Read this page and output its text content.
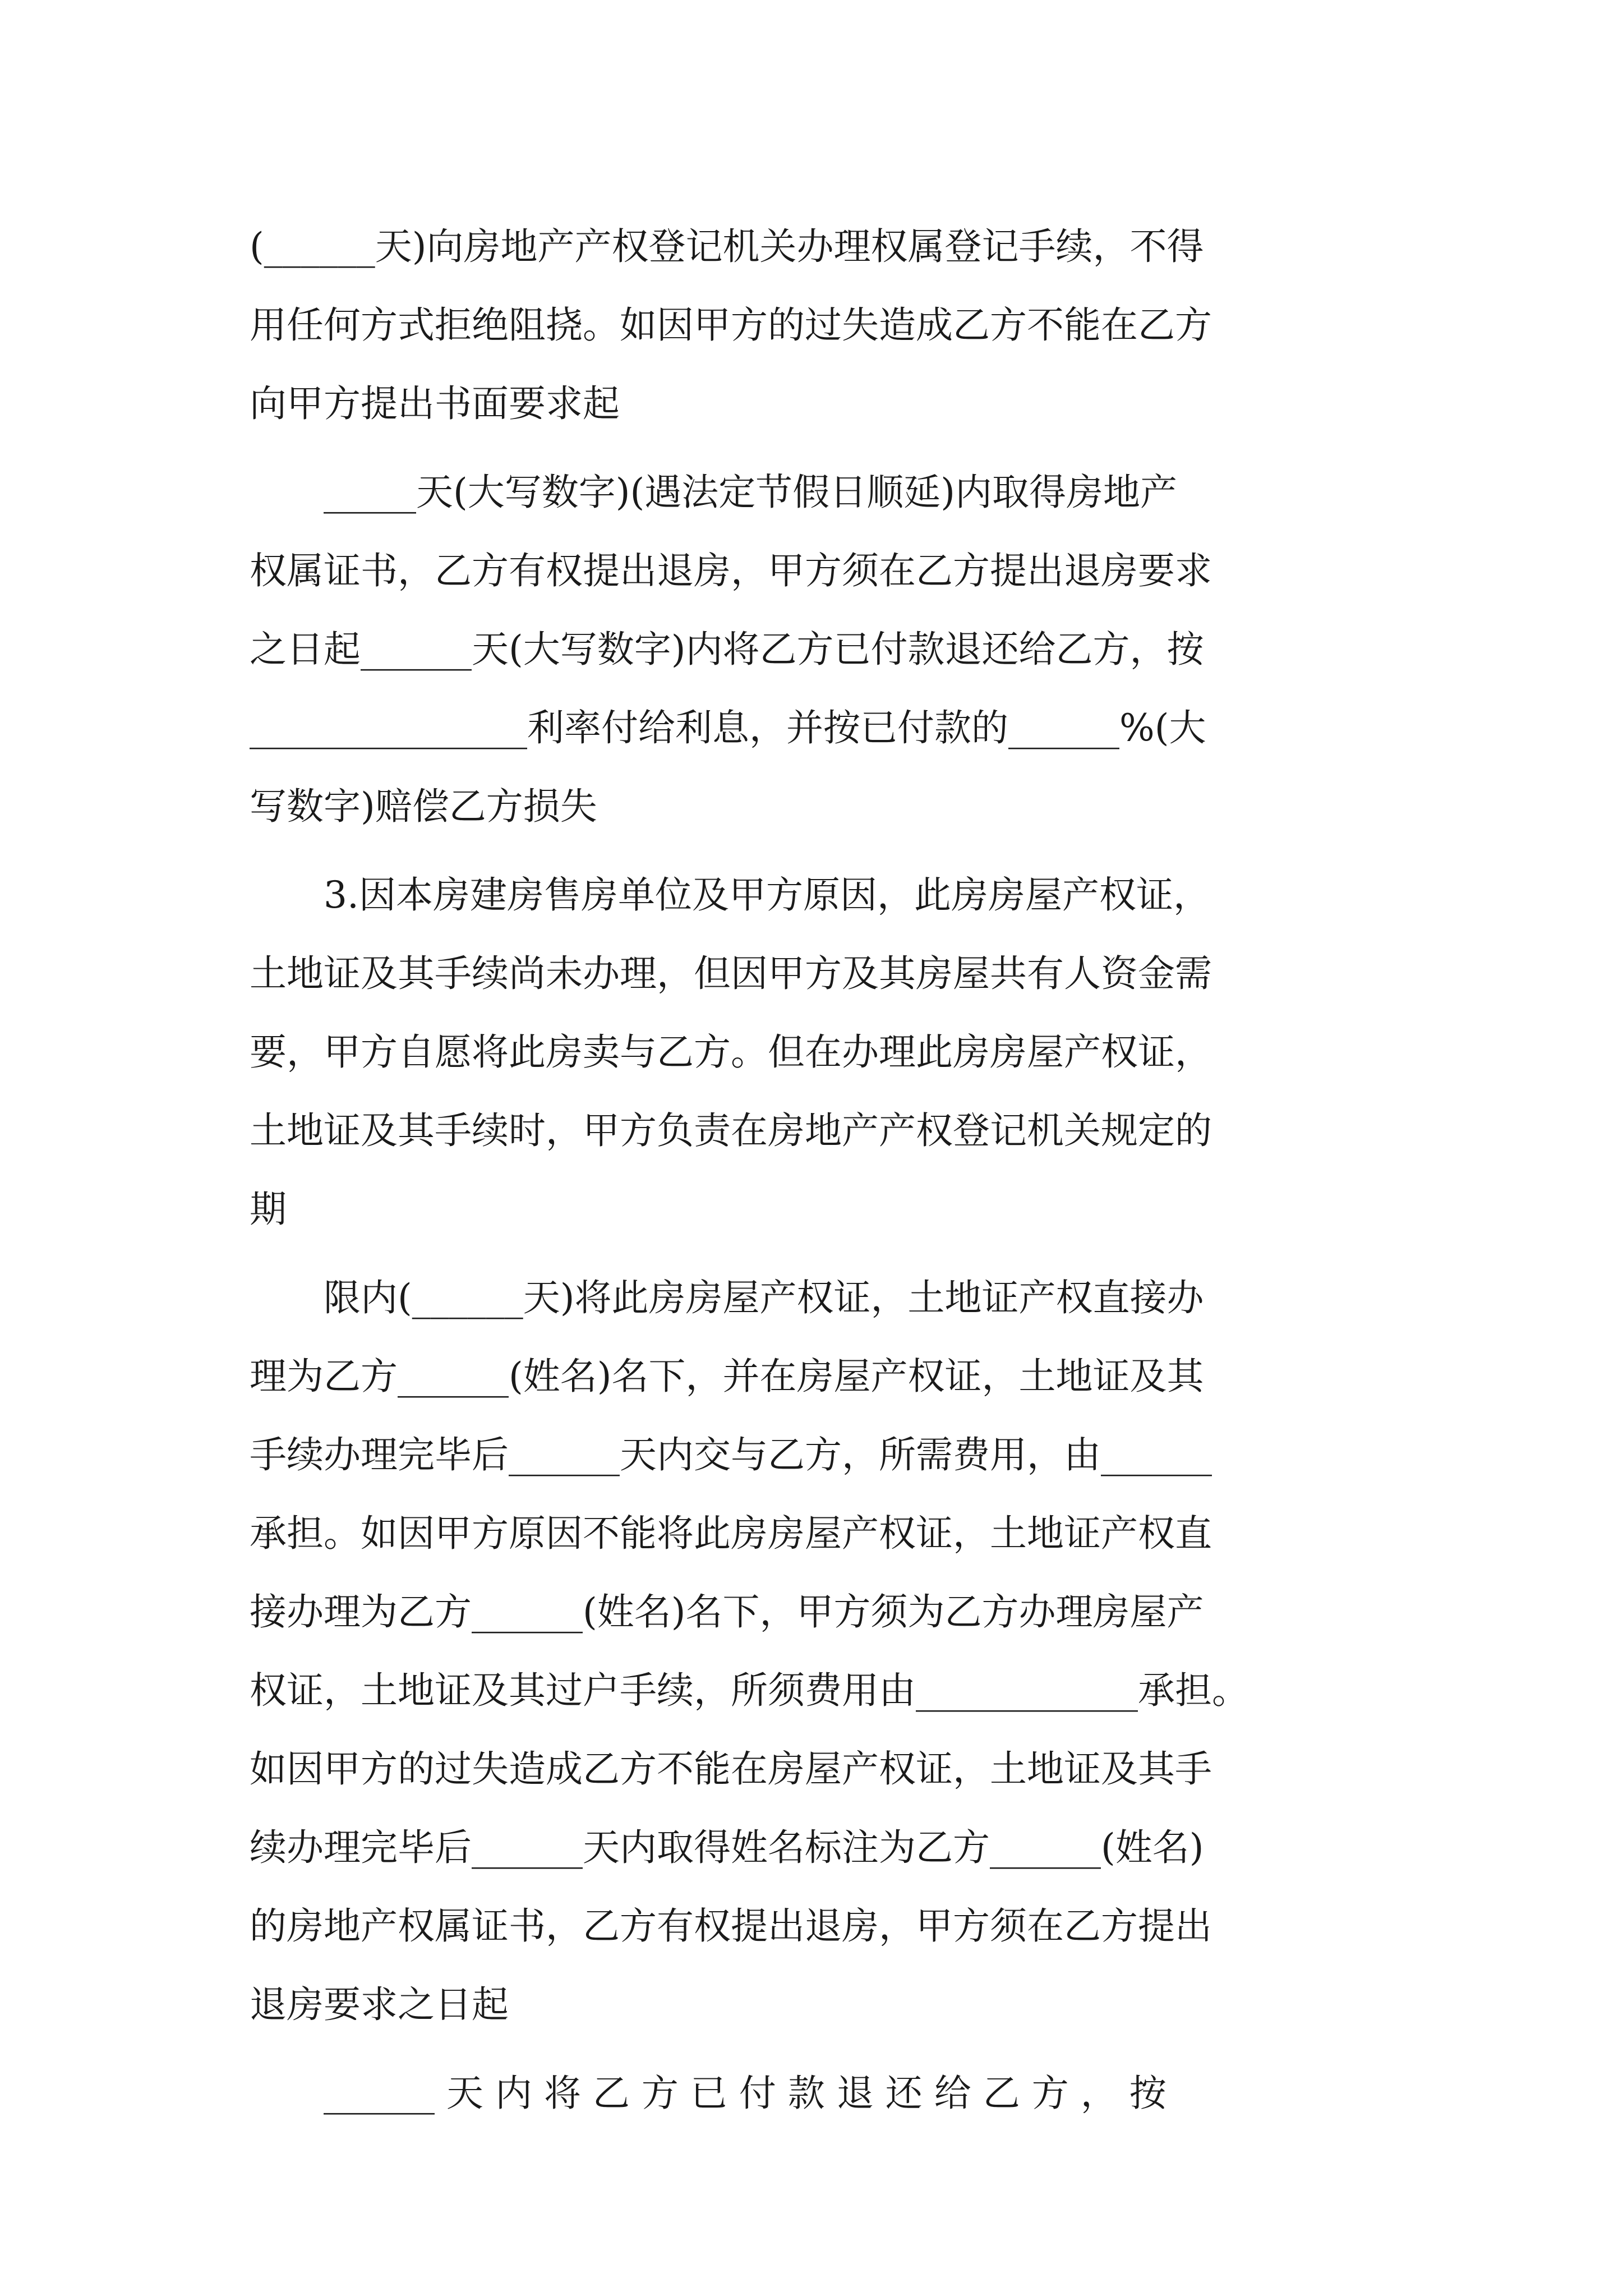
(______天)向房地产产权登记机关办理权属登记手续，不得
用任何方式拒绝阻挠。如因甲方的过失造成乙方不能在乙方
向甲方提出书面要求起
　　_____天(大写数字)(遇法定节假日顺延)内取得房地产
权属证书，乙方有权提出退房，甲方须在乙方提出退房要求
之日起______天(大写数字)内将乙方已付款退还给乙方，按
_______________利率付给利息，并按已付款的______%(大
写数字)赔偿乙方损失
　　3.因本房建房售房单位及甲方原因，此房房屋产权证，
土地证及其手续尚未办理，但因甲方及其房屋共有人资金需
要，甲方自愿将此房卖与乙方。但在办理此房房屋产权证，
土地证及其手续时，甲方负责在房地产产权登记机关规定的
期
　　限内(______天)将此房房屋产权证，土地证产权直接办
理为乙方______(姓名)名下，并在房屋产权证，土地证及其
手续办理完毕后______天内交与乙方，所需费用，由______
承担。如因甲方原因不能将此房房屋产权证，土地证产权直
接办理为乙方______(姓名)名下，甲方须为乙方办理房屋产
权证，土地证及其过户手续，所须费用由____________承担。
如因甲方的过失造成乙方不能在房屋产权证，土地证及其手
续办理完毕后______天内取得姓名标注为乙方______(姓名)
的房地产权属证书，乙方有权提出退房，甲方须在乙方提出
退房要求之日起
　　______ 天 内 将 乙 方 已 付 款 退 还 给 乙 方 ， 按
